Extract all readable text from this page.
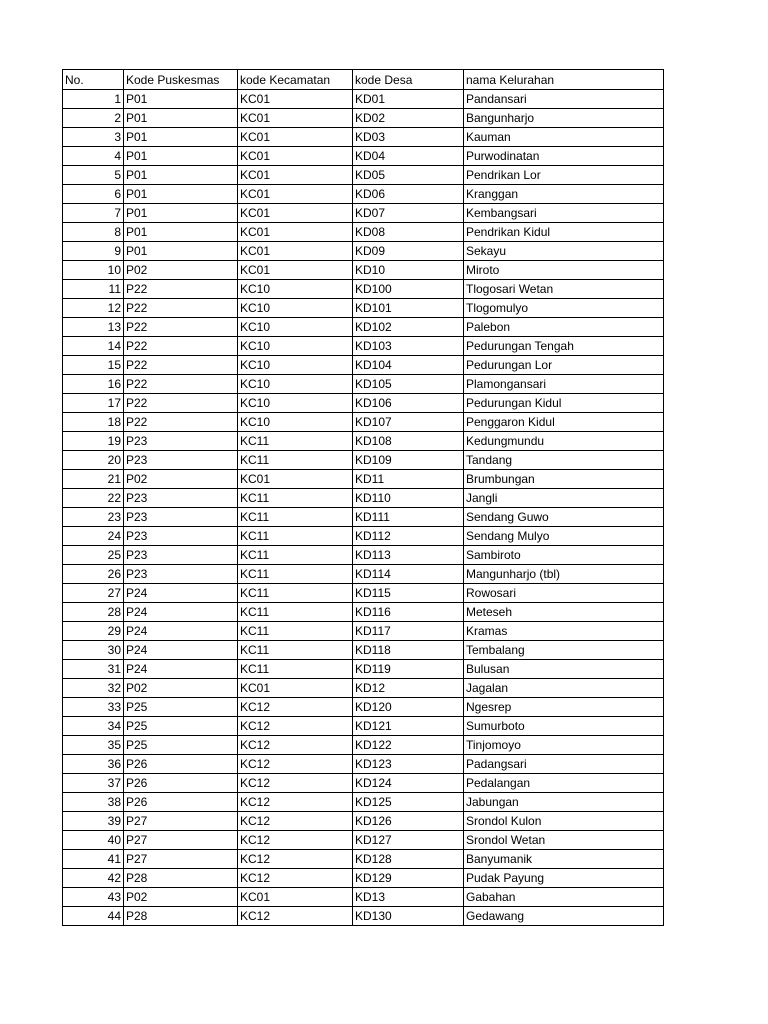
No.	Kode Puskesmas	kode Kecamatan	kode Desa	nama Kelurahan
1	P01	KC01	KD01	Pandansari
2	P01	KC01	KD02	Bangunharjo
3	P01	KC01	KD03	Kauman
4	P01	KC01	KD04	Purwodinatan
5	P01	KC01	KD05	Pendrikan Lor
6	P01	KC01	KD06	Kranggan
7	P01	KC01	KD07	Kembangsari
8	P01	KC01	KD08	Pendrikan Kidul
9	P01	KC01	KD09	Sekayu
10	P02	KC01	KD10	Miroto
11	P22	KC10	KD100	Tlogosari Wetan
12	P22	KC10	KD101	Tlogomulyo
13	P22	KC10	KD102	Palebon
14	P22	KC10	KD103	Pedurungan Tengah
15	P22	KC10	KD104	Pedurungan Lor
16	P22	KC10	KD105	Plamongansari
17	P22	KC10	KD106	Pedurungan Kidul
18	P22	KC10	KD107	Penggaron Kidul
19	P23	KC11	KD108	Kedungmundu
20	P23	KC11	KD109	Tandang
21	P02	KC01	KD11	Brumbungan
22	P23	KC11	KD110	Jangli
23	P23	KC11	KD111	Sendang Guwo
24	P23	KC11	KD112	Sendang Mulyo
25	P23	KC11	KD113	Sambiroto
26	P23	KC11	KD114	Mangunharjo (tbl)
27	P24	KC11	KD115	Rowosari
28	P24	KC11	KD116	Meteseh
29	P24	KC11	KD117	Kramas
30	P24	KC11	KD118	Tembalang
31	P24	KC11	KD119	Bulusan
32	P02	KC01	KD12	Jagalan
33	P25	KC12	KD120	Ngesrep
34	P25	KC12	KD121	Sumurboto
35	P25	KC12	KD122	Tinjomoyo
36	P26	KC12	KD123	Padangsari
37	P26	KC12	KD124	Pedalangan
38	P26	KC12	KD125	Jabungan
39	P27	KC12	KD126	Srondol Kulon
40	P27	KC12	KD127	Srondol Wetan
41	P27	KC12	KD128	Banyumanik
42	P28	KC12	KD129	Pudak Payung
43	P02	KC01	KD13	Gabahan
44	P28	KC12	KD130	Gedawang
